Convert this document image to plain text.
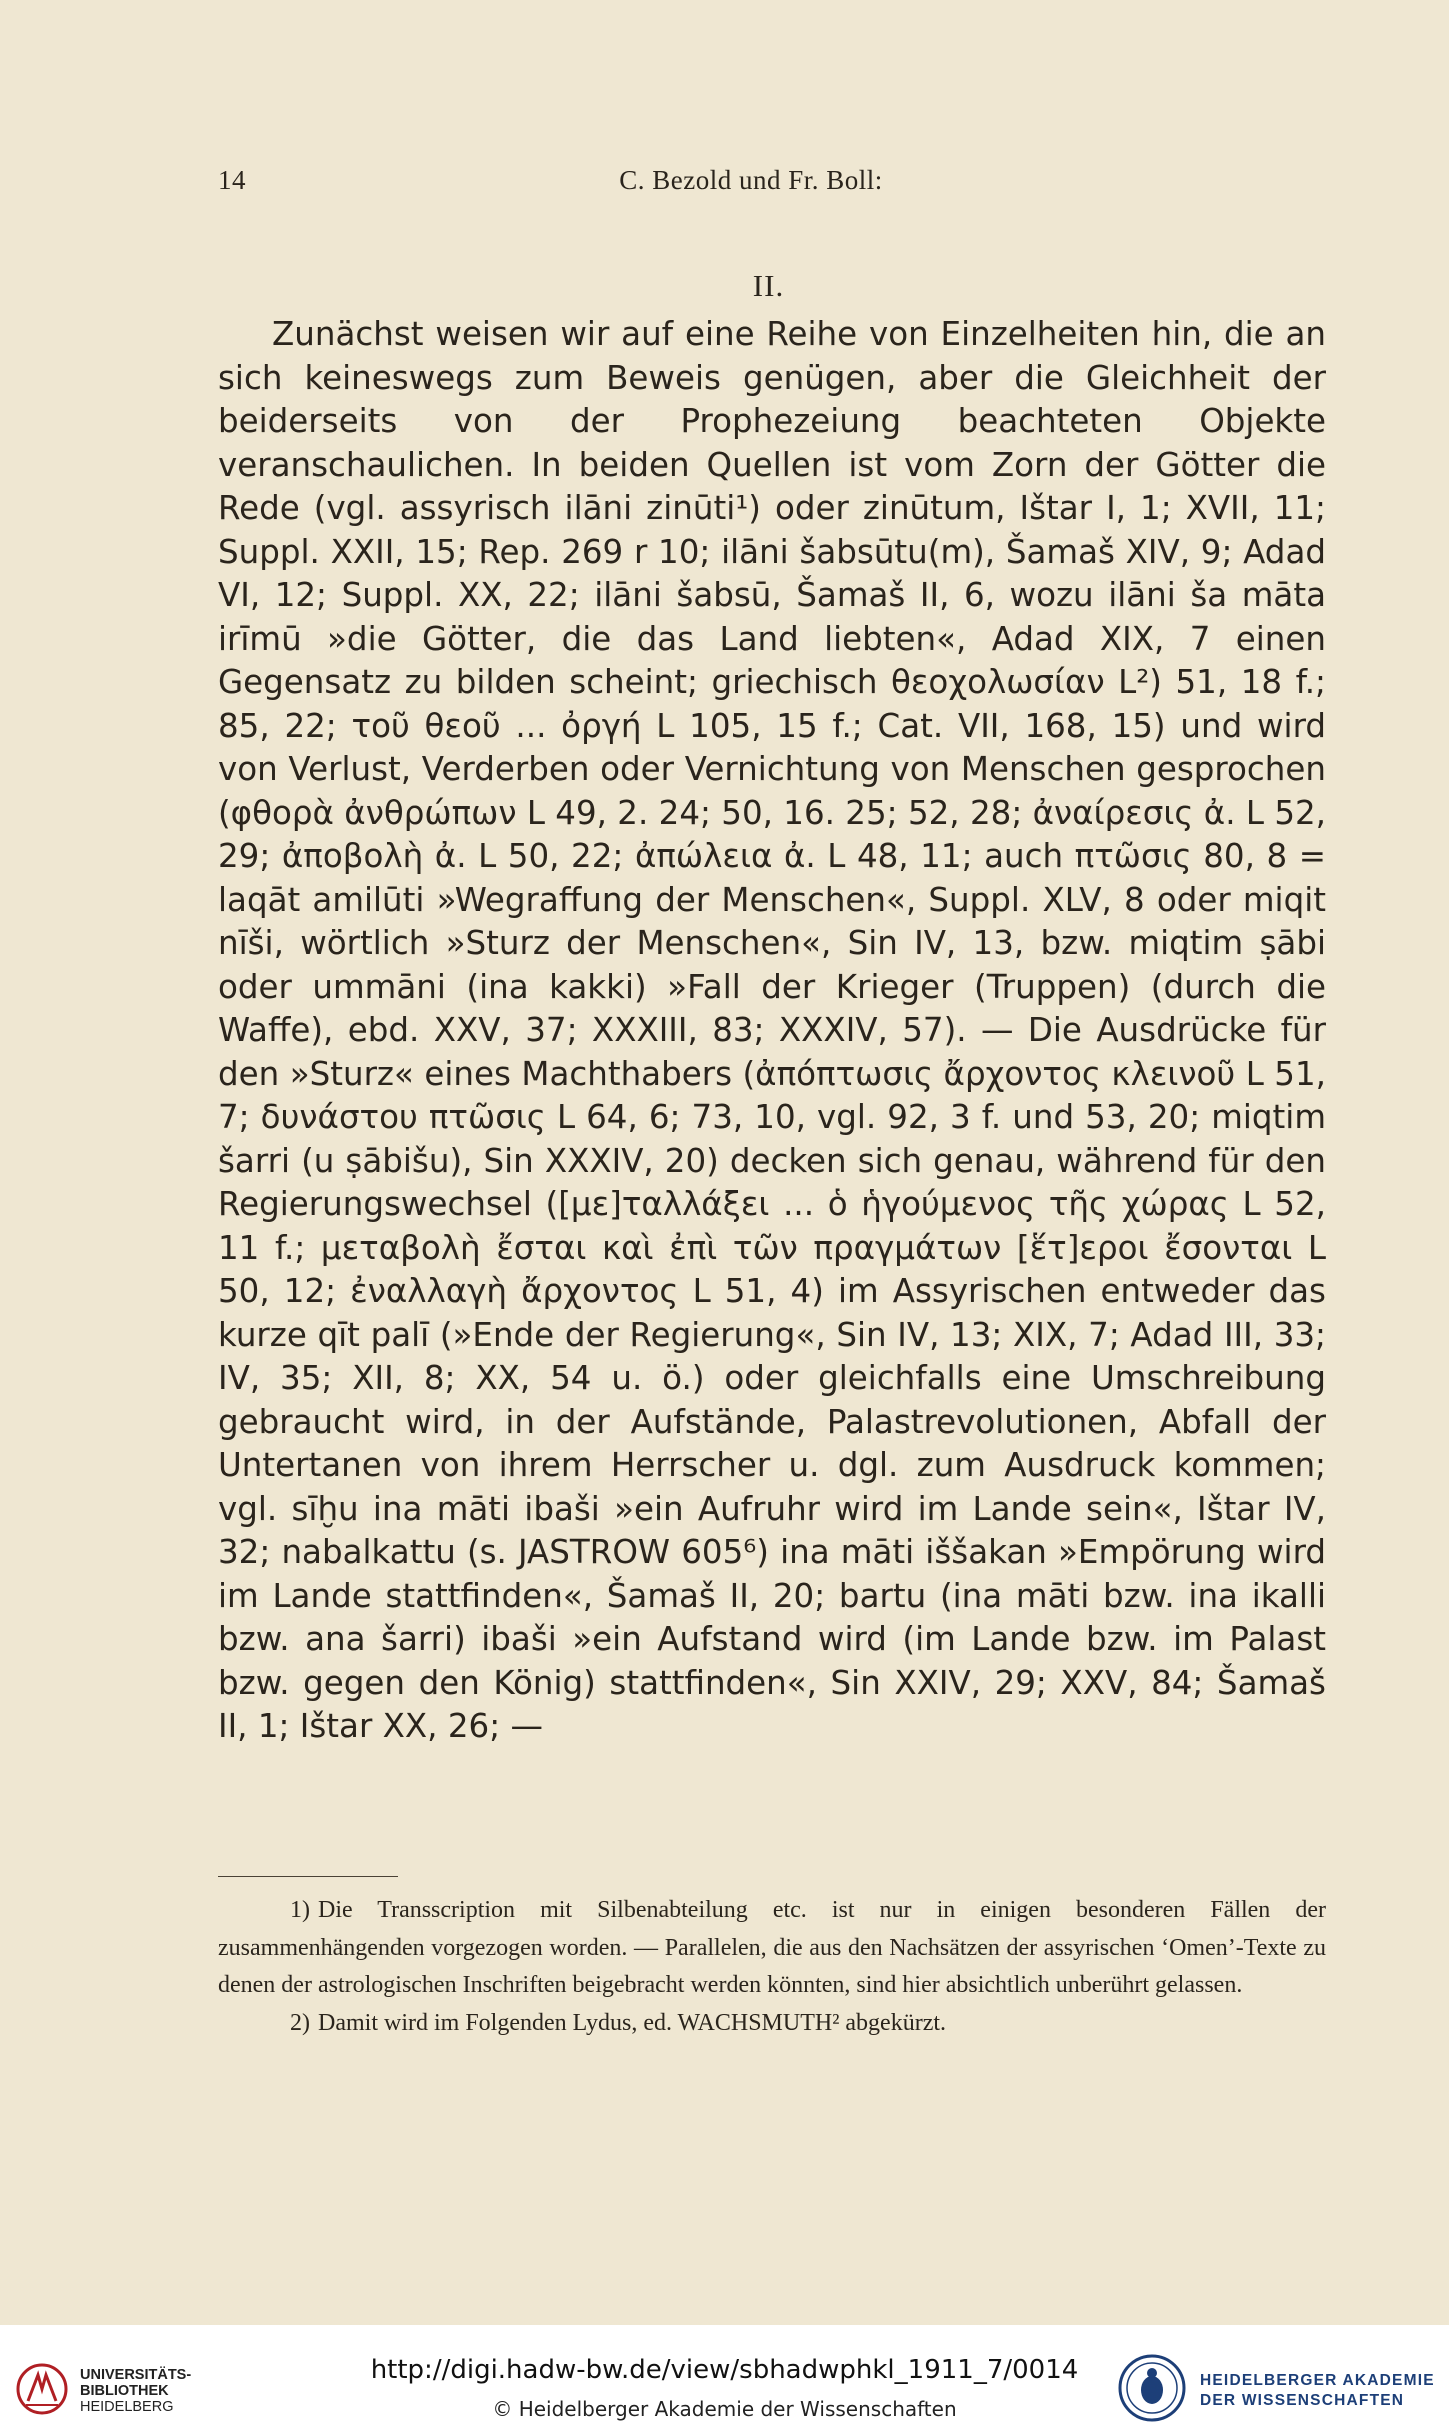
14	C. Bezold und Fr. Boll:
II.

Zunächst weisen wir auf eine Reihe von Einzelheiten hin, die an sich keineswegs zum Beweis genügen, aber die Gleichheit der beiderseits von der Prophezeiung beachteten Objekte veranschaulichen. In beiden Quellen ist vom Zorn der Götter die Rede (vgl. assyrisch ilāni zinūti¹) oder zinūtum, Ištar I, 1; XVII, 11; Suppl. XXII, 15; Rep. 269 r 10; ilāni šabsūtu(m), Šamaš XIV, 9; Adad VI, 12; Suppl. XX, 22; ilāni šabsū, Šamaš II, 6, wozu ilāni ša māta irīmū »die Götter, die das Land liebten«, Adad XIX, 7 einen Gegensatz zu bilden scheint; griechisch θεοχολωσίαν L²) 51, 18 f.; 85, 22; τοῦ θεοῦ ... ὀργή L 105, 15 f.; Cat. VII, 168, 15) und wird von Verlust, Verderben oder Vernichtung von Menschen gesprochen (φθορὰ ἀνθρώπων L 49, 2. 24; 50, 16. 25; 52, 28; ἀναίρεσις ἀ. L 52, 29; ἀποβολὴ ἀ. L 50, 22; ἀπώλεια ἀ. L 48, 11; auch πτῶσις 80, 8 = laqāt amilūti »Wegraffung der Menschen«, Suppl. XLV, 8 oder miqit nīši, wörtlich »Sturz der Menschen«, Sin IV, 13, bzw. miqtim ṣābi oder ummāni (ina kakki) »Fall der Krieger (Truppen) (durch die Waffe), ebd. XXV, 37; XXXIII, 83; XXXIV, 57). — Die Ausdrücke für den »Sturz« eines Machthabers (ἀπόπτωσις ἄρχοντος κλεινοῦ L 51, 7; δυνάστου πτῶσις L 64, 6; 73, 10, vgl. 92, 3 f. und 53, 20; miqtim šarri (u ṣābišu), Sin XXXIV, 20) decken sich genau, während für den Regierungswechsel ([με]ταλλάξει ... ὁ ἡγούμενος τῆς χώρας L 52, 11 f.; μεταβολὴ ἔσται καὶ ἐπὶ τῶν πραγμάτων [ἕτ]εροι ἔσονται L 50, 12; ἐναλλαγὴ ἄρχοντος L 51, 4) im Assyrischen entweder das kurze qīt palī (»Ende der Regierung«, Sin IV, 13; XIX, 7; Adad III, 33; IV, 35; XII, 8; XX, 54 u. ö.) oder gleichfalls eine Umschreibung gebraucht wird, in der Aufstände, Palastrevolutionen, Abfall der Untertanen von ihrem Herrscher u. dgl. zum Ausdruck kommen; vgl. sīḫu ina māti ibaši »ein Aufruhr wird im Lande sein«, Ištar IV, 32; nabalkattu (s. JASTROW 605⁶) ina māti iššakan »Empörung wird im Lande stattfinden«, Šamaš II, 20; bartu (ina māti bzw. ina ikalli bzw. ana šarri) ibaši »ein Aufstand wird (im Lande bzw. im Palast bzw. gegen den König) stattfinden«, Sin XXIV, 29; XXV, 84; Šamaš II, 1; Ištar XX, 26; —

1) Die Transscription mit Silbenabteilung etc. ist nur in einigen besonderen Fällen der zusammenhängenden vorgezogen worden. — Parallelen, die aus den Nachsätzen der assyrischen ‘Omen’-Texte zu denen der astrologischen Inschriften beigebracht werden könnten, sind hier absichtlich unberührt gelassen.

2) Damit wird im Folgenden Lydus, ed. WACHSMUTH² abgekürzt.

UNIVERSITÄTS-
BIBLIOTHEK
HEIDELBERG
http://digi.hadw-bw.de/view/sbhadwphkl_1911_7/0014
© Heidelberger Akademie der Wissenschaften
HEIDELBERGER AKADEMIE
DER WISSENSCHAFTEN
